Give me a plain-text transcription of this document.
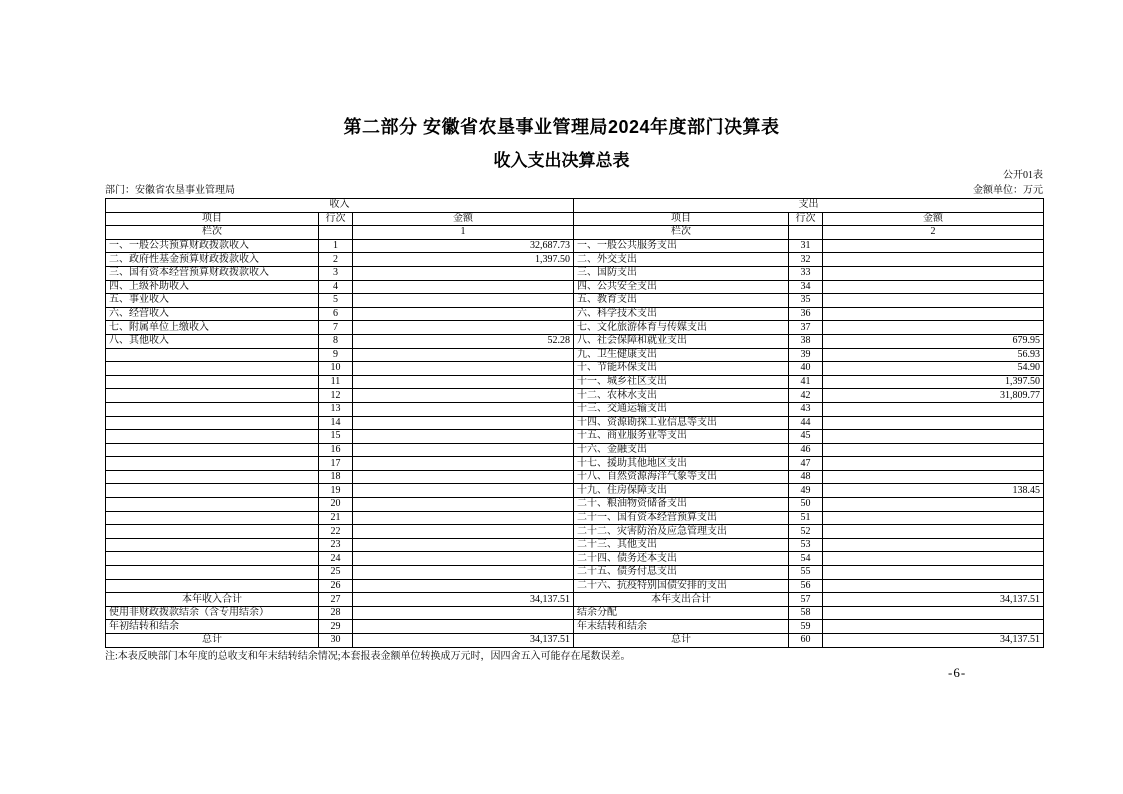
第二部分 安徽省农垦事业管理局2024年度部门决算表
收入支出决算总表
公开01表
部门：安徽省农垦事业管理局	金额单位：万元
收入			支出		
项目	行次	金额	项目	行次	金额
栏次		1	栏次		2
一、一般公共预算财政拨款收入	1	32,687.73	一、一般公共服务支出	31	
二、政府性基金预算财政拨款收入	2	1,397.50	二、外交支出	32	
三、国有资本经营预算财政拨款收入	3		三、国防支出	33	
四、上级补助收入	4		四、公共安全支出	34	
五、事业收入	5		五、教育支出	35	
六、经营收入	6		六、科学技术支出	36	
七、附属单位上缴收入	7		七、文化旅游体育与传媒支出	37	
八、其他收入	8	52.28	八、社会保障和就业支出	38	679.95
	9		九、卫生健康支出	39	56.93
	10		十、节能环保支出	40	54.90
	11		十一、城乡社区支出	41	1,397.50
	12		十二、农林水支出	42	31,809.77
	13		十三、交通运输支出	43	
	14		十四、资源勘探工业信息等支出	44	
	15		十五、商业服务业等支出	45	
	16		十六、金融支出	46	
	17		十七、援助其他地区支出	47	
	18		十八、自然资源海洋气象等支出	48	
	19		十九、住房保障支出	49	138.45
	20		二十、粮油物资储备支出	50	
	21		二十一、国有资本经营预算支出	51	
	22		二十二、灾害防治及应急管理支出	52	
	23		二十三、其他支出	53	
	24		二十四、债务还本支出	54	
	25		二十五、债务付息支出	55	
	26		二十六、抗疫特别国债安排的支出	56	
本年收入合计	27	34,137.51	本年支出合计	57	34,137.51
使用非财政拨款结余（含专用结余）	28		结余分配	58	
年初结转和结余	29		年末结转和结余	59	
总计	30	34,137.51	总计	60	34,137.51
注:本表反映部门本年度的总收支和年末结转结余情况;本套报表金额单位转换成万元时，因四舍五入可能存在尾数误差。
-6-
